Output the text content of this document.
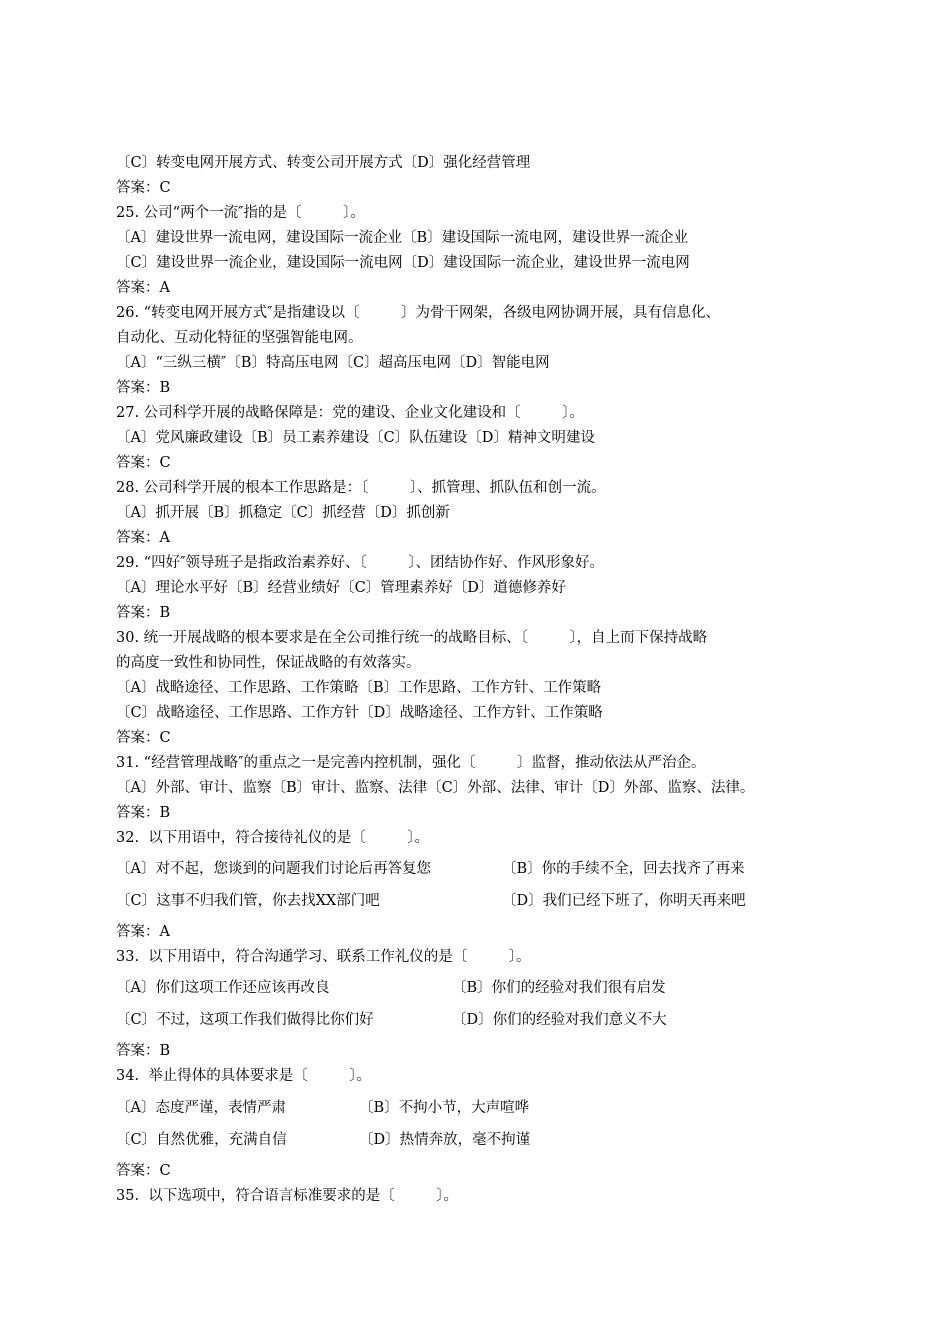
〔C〕转变电网开展方式、转变公司开展方式〔D〕强化经营管理
答案：C
25. 公司“两个一流″指的是〔         〕。
〔A〕建设世界一流电网，建设国际一流企业〔B〕建设国际一流电网，建设世界一流企业
〔C〕建设世界一流企业，建设国际一流电网〔D〕建设国际一流企业，建设世界一流电网
答案：A
26. “转变电网开展方式″是指建设以〔         〕为骨干网架，各级电网协调开展，具有信息化、
自动化、互动化特征的坚强智能电网。
〔A〕“三纵三横″〔B〕特高压电网〔C〕超高压电网〔D〕智能电网
答案：B
27. 公司科学开展的战略保障是：党的建设、企业文化建设和〔         〕。
〔A〕党风廉政建设〔B〕员工素养建设〔C〕队伍建设〔D〕精神文明建设
答案：C
28. 公司科学开展的根本工作思路是：〔         〕、抓管理、抓队伍和创一流。
〔A〕抓开展〔B〕抓稳定〔C〕抓经营〔D〕抓创新
答案：A
29. “四好″领导班子是指政治素养好、〔         〕、团结协作好、作风形象好。
〔A〕理论水平好〔B〕经营业绩好〔C〕管理素养好〔D〕道德修养好
答案：B
30. 统一开展战略的根本要求是在全公司推行统一的战略目标、〔         〕，自上而下保持战略
的高度一致性和协同性，保证战略的有效落实。
〔A〕战略途径、工作思路、工作策略〔B〕工作思路、工作方针、工作策略
〔C〕战略途径、工作思路、工作方针〔D〕战略途径、工作方针、工作策略
答案：C
31. “经营管理战略″的重点之一是完善内控机制，强化〔         〕监督，推动依法从严治企。
〔A〕外部、审计、监察〔B〕审计、监察、法律〔C〕外部、法律、审计〔D〕外部、监察、法律。
答案：B
32.  以下用语中，符合接待礼仪的是〔         〕。
〔A〕对不起，您谈到的问题我们讨论后再答复您	〔B〕你的手续不全，回去找齐了再来
〔C〕这事不归我们管，你去找XX部门吧	〔D〕我们已经下班了，你明天再来吧
答案：A
33.  以下用语中，符合沟通学习、联系工作礼仪的是〔         〕。
〔A〕你们这项工作还应该再改良	〔B〕你们的经验对我们很有启发
〔C〕不过，这项工作我们做得比你们好	〔D〕你们的经验对我们意义不大
答案：B
34.  举止得体的具体要求是〔         〕。
〔A〕态度严谨，表情严肃	〔B〕不拘小节，大声喧哗
〔C〕自然优雅，充满自信	〔D〕热情奔放，毫不拘谨
答案：C
35.  以下选项中，符合语言标准要求的是〔         〕。
